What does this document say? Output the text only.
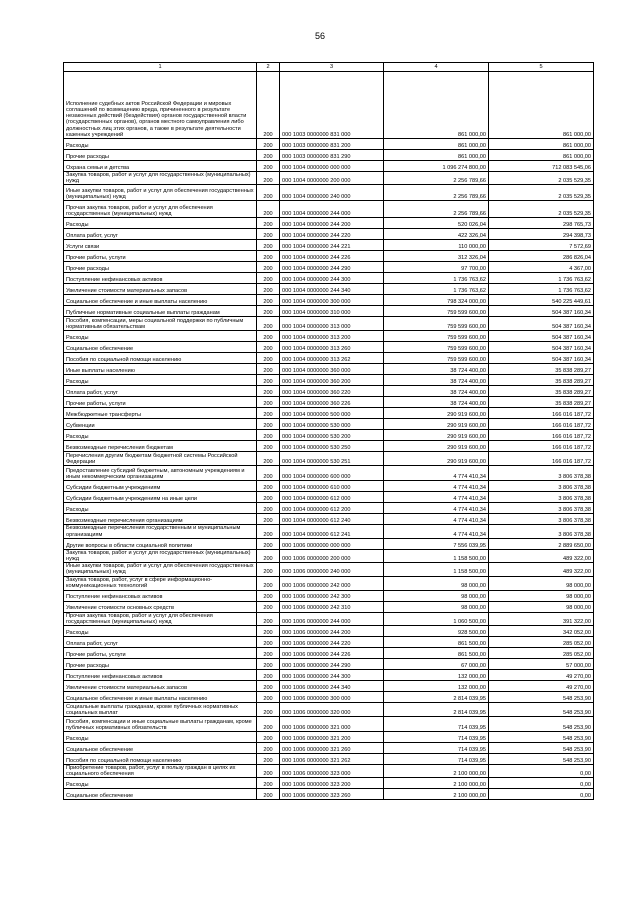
56
1	2	3	4	5
Исполнение судебных актов Российской Федерации и мировых соглашений по возмещению вреда, причиненного в результате незаконных действий (бездействия) органов государственной власти (государственных органов), органов местного самоуправления либо должностных лиц этих органов, а также в результате деятельности казенных учреждений	200	000 1003 0000000 831 000	861 000,00	861 000,00
Расходы	200	000 1003 0000000 831 200	861 000,00	861 000,00
Прочие расходы	200	000 1003 0000000 831 290	861 000,00	861 000,00
Охрана семьи и детства	200	000 1004 0000000 000 000	1 096 274 800,00	712 083 545,06
Закупка товаров, работ и услуг для государственных (муниципальных) нужд	200	000 1004 0000000 200 000	2 256 789,66	2 035 529,35
Иные закупки товаров, работ и услуг для обеспечения государственных (муниципальных) нужд	200	000 1004 0000000 240 000	2 256 789,66	2 035 529,35
Прочая закупка товаров, работ и услуг для обеспечения государственных (муниципальных) нужд	200	000 1004 0000000 244 000	2 256 789,66	2 035 529,35
Расходы	200	000 1004 0000000 244 200	520 026,04	298 765,73
Оплата работ, услуг	200	000 1004 0000000 244 220	422 326,04	294 398,73
Услуги связи	200	000 1004 0000000 244 221	110 000,00	7 572,69
Прочие работы, услуги	200	000 1004 0000000 244 226	312 326,04	286 826,04
Прочие расходы	200	000 1004 0000000 244 290	97 700,00	4 367,00
Поступление нефинансовых активов	200	000 1004 0000000 244 300	1 736 763,62	1 736 763,62
Увеличение стоимости материальных запасов	200	000 1004 0000000 244 340	1 736 763,62	1 736 763,62
Социальное обеспечение и иные выплаты населению	200	000 1004 0000000 300 000	798 324 000,00	540 225 449,61
Публичные нормативные социальные выплаты гражданам	200	000 1004 0000000 310 000	759 599 600,00	504 387 160,34
Пособия, компенсации, меры социальной поддержки по публичным нормативным обязательствам	200	000 1004 0000000 313 000	759 599 600,00	504 387 160,34
Расходы	200	000 1004 0000000 313 200	759 599 600,00	504 387 160,34
Социальное обеспечение	200	000 1004 0000000 313 260	759 599 600,00	504 387 160,34
Пособия по социальной помощи населению	200	000 1004 0000000 313 262	759 599 600,00	504 387 160,34
Иные выплаты населению	200	000 1004 0000000 360 000	38 724 400,00	35 838 289,27
Расходы	200	000 1004 0000000 360 200	38 724 400,00	35 838 289,27
Оплата работ, услуг	200	000 1004 0000000 360 220	38 724 400,00	35 838 289,27
Прочие работы, услуги	200	000 1004 0000000 360 226	38 724 400,00	35 838 289,27
Межбюджетные трансферты	200	000 1004 0000000 500 000	290 919 600,00	166 016 187,72
Субвенции	200	000 1004 0000000 530 000	290 919 600,00	166 016 187,72
Расходы	200	000 1004 0000000 530 200	290 919 600,00	166 016 187,72
Безвозмездные перечисления бюджетам	200	000 1004 0000000 530 250	290 919 600,00	166 016 187,72
Перечисления другим бюджетам бюджетной системы Российской Федерации	200	000 1004 0000000 530 251	290 919 600,00	166 016 187,72
Предоставление субсидий бюджетным, автономным учреждениям и иным некоммерческим организациям	200	000 1004 0000000 600 000	4 774 410,34	3 806 378,38
Субсидии бюджетным учреждениям	200	000 1004 0000000 610 000	4 774 410,34	3 806 378,38
Субсидии бюджетным учреждениям на иные цели	200	000 1004 0000000 612 000	4 774 410,34	3 806 378,38
Расходы	200	000 1004 0000000 612 200	4 774 410,34	3 806 378,38
Безвозмездные перечисления организациям	200	000 1004 0000000 612 240	4 774 410,34	3 806 378,38
Безвозмездные перечисления государственным и муниципальным организациям	200	000 1004 0000000 612 241	4 774 410,34	3 806 378,38
Другие вопросы в области социальной политики	200	000 1006 0000000 000 000	7 556 039,95	2 889 650,00
Закупка товаров, работ и услуг для государственных (муниципальных) нужд	200	000 1006 0000000 200 000	1 158 500,00	489 322,00
Иные закупки товаров, работ и услуг для обеспечения государственных (муниципальных) нужд	200	000 1006 0000000 240 000	1 158 500,00	489 322,00
Закупка товаров, работ, услуг в сфере информационно-коммуникационных технологий	200	000 1006 0000000 242 000	98 000,00	98 000,00
Поступление нефинансовых активов	200	000 1006 0000000 242 300	98 000,00	98 000,00
Увеличение стоимости основных средств	200	000 1006 0000000 242 310	98 000,00	98 000,00
Прочая закупка товаров, работ и услуг для обеспечения государственных (муниципальных) нужд	200	000 1006 0000000 244 000	1 060 500,00	391 322,00
Расходы	200	000 1006 0000000 244 200	928 500,00	342 052,00
Оплата работ, услуг	200	000 1006 0000000 244 220	861 500,00	285 052,00
Прочие работы, услуги	200	000 1006 0000000 244 226	861 500,00	285 052,00
Прочие расходы	200	000 1006 0000000 244 290	67 000,00	57 000,00
Поступление нефинансовых активов	200	000 1006 0000000 244 300	132 000,00	49 270,00
Увеличение стоимости материальных запасов	200	000 1006 0000000 244 340	132 000,00	49 270,00
Социальное обеспечение и иные выплаты населению	200	000 1006 0000000 300 000	2 814 039,95	548 253,90
Социальные выплаты гражданам, кроме публичных нормативных социальных выплат	200	000 1006 0000000 320 000	2 814 039,95	548 253,90
Пособия, компенсации и иные социальные выплаты гражданам, кроме публичных нормативных обязательств	200	000 1006 0000000 321 000	714 039,95	548 253,90
Расходы	200	000 1006 0000000 321 200	714 039,95	548 253,90
Социальное обеспечение	200	000 1006 0000000 321 260	714 039,95	548 253,90
Пособия по социальной помощи населению	200	000 1006 0000000 321 262	714 039,95	548 253,90
Приобретение товаров, работ, услуг в пользу граждан в целях их социального обеспечения	200	000 1006 0000000 323 000	2 100 000,00	0,00
Расходы	200	000 1006 0000000 323 200	2 100 000,00	0,00
Социальное обеспечение	200	000 1006 0000000 323 260	2 100 000,00	0,00
